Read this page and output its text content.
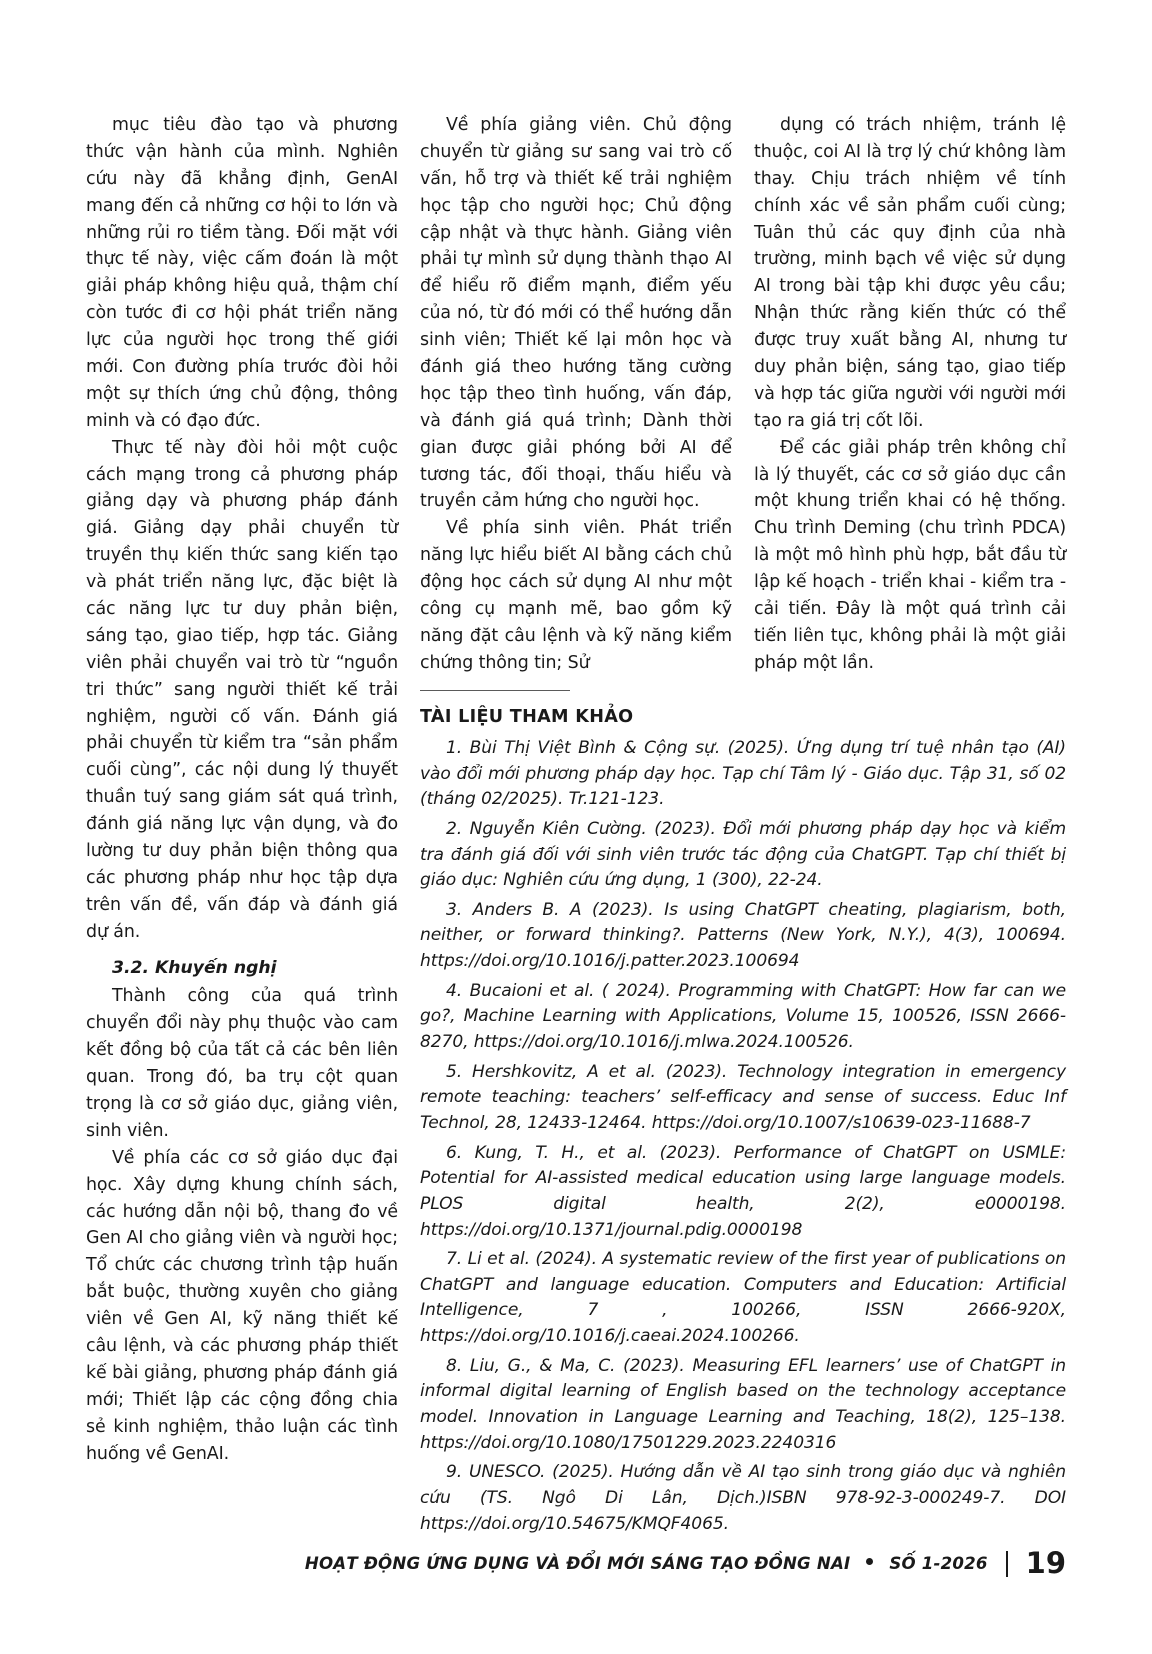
mục tiêu đào tạo và phương thức vận hành của mình. Nghiên cứu này đã khẳng định, GenAI mang đến cả những cơ hội to lớn và những rủi ro tiềm tàng. Đối mặt với thực tế này, việc cấm đoán là một giải pháp không hiệu quả, thậm chí còn tước đi cơ hội phát triển năng lực của người học trong thế giới mới. Con đường phía trước đòi hỏi một sự thích ứng chủ động, thông minh và có đạo đức.

Thực tế này đòi hỏi một cuộc cách mạng trong cả phương pháp giảng dạy và phương pháp đánh giá. Giảng dạy phải chuyển từ truyền thụ kiến thức sang kiến tạo và phát triển năng lực, đặc biệt là các năng lực tư duy phản biện, sáng tạo, giao tiếp, hợp tác. Giảng viên phải chuyển vai trò từ “nguồn tri thức” sang người thiết kế trải nghiệm, người cố vấn. Đánh giá phải chuyển từ kiểm tra “sản phẩm cuối cùng”, các nội dung lý thuyết thuần tuý sang giám sát quá trình, đánh giá năng lực vận dụng, và đo lường tư duy phản biện thông qua các phương pháp như học tập dựa trên vấn đề, vấn đáp và đánh giá dự án.

3.2. Khuyến nghị

Thành công của quá trình chuyển đổi này phụ thuộc vào cam kết đồng bộ của tất cả các bên liên quan. Trong đó, ba trụ cột quan trọng là cơ sở giáo dục, giảng viên, sinh viên.

Về phía các cơ sở giáo dục đại học. Xây dựng khung chính sách, các hướng dẫn nội bộ, thang đo về Gen AI cho giảng viên và người học; Tổ chức các chương trình tập huấn bắt buộc, thường xuyên cho giảng viên về Gen AI, kỹ năng thiết kế câu lệnh, và các phương pháp thiết kế bài giảng, phương pháp đánh giá mới; Thiết lập các cộng đồng chia sẻ kinh nghiệm, thảo luận các tình huống về GenAI.

Về phía giảng viên. Chủ động chuyển từ giảng sư sang vai trò cố vấn, hỗ trợ và thiết kế trải nghiệm học tập cho người học; Chủ động cập nhật và thực hành. Giảng viên phải tự mình sử dụng thành thạo AI để hiểu rõ điểm mạnh, điểm yếu của nó, từ đó mới có thể hướng dẫn sinh viên; Thiết kế lại môn học và đánh giá theo hướng tăng cường học tập theo tình huống, vấn đáp, và đánh giá quá trình; Dành thời gian được giải phóng bởi AI để tương tác, đối thoại, thấu hiểu và truyền cảm hứng cho người học.

Về phía sinh viên. Phát triển năng lực hiểu biết AI bằng cách chủ động học cách sử dụng AI như một công cụ mạnh mẽ, bao gồm kỹ năng đặt câu lệnh và kỹ năng kiểm chứng thông tin; Sử

dụng có trách nhiệm, tránh lệ thuộc, coi AI là trợ lý chứ không làm thay. Chịu trách nhiệm về tính chính xác về sản phẩm cuối cùng; Tuân thủ các quy định của nhà trường, minh bạch về việc sử dụng AI trong bài tập khi được yêu cầu; Nhận thức rằng kiến thức có thể được truy xuất bằng AI, nhưng tư duy phản biện, sáng tạo, giao tiếp và hợp tác giữa người với người mới tạo ra giá trị cốt lõi.

Để các giải pháp trên không chỉ là lý thuyết, các cơ sở giáo dục cần một khung triển khai có hệ thống. Chu trình Deming (chu trình PDCA) là một mô hình phù hợp, bắt đầu từ lập kế hoạch - triển khai - kiểm tra - cải tiến. Đây là một quá trình cải tiến liên tục, không phải là một giải pháp một lần.

TÀI LIỆU THAM KHẢO

1. Bùi Thị Việt Bình & Cộng sự. (2025). Ứng dụng trí tuệ nhân tạo (AI) vào đổi mới phương pháp dạy học. Tạp chí Tâm lý - Giáo dục. Tập 31, số 02 (tháng 02/2025). Tr.121-123.

2. Nguyễn Kiên Cường. (2023). Đổi mới phương pháp dạy học và kiểm tra đánh giá đối với sinh viên trước tác động của ChatGPT. Tạp chí thiết bị giáo dục: Nghiên cứu ứng dụng, 1 (300), 22-24.

3. Anders B. A (2023). Is using ChatGPT cheating, plagiarism, both, neither, or forward thinking?. Patterns (New York, N.Y.), 4(3), 100694. https://doi.org/10.1016/j.patter.2023.100694

4. Bucaioni et al. ( 2024). Programming with ChatGPT: How far can we go?, Machine Learning with Applications, Volume 15, 100526, ISSN 2666-8270, https://doi.org/10.1016/j.mlwa.2024.100526.

5. Hershkovitz, A et al. (2023). Technology integration in emergency remote teaching: teachers’ self-efficacy and sense of success. Educ Inf Technol, 28, 12433-12464. https://doi.org/10.1007/s10639-023-11688-7

6. Kung, T. H., et al. (2023). Performance of ChatGPT on USMLE: Potential for AI-assisted medical education using large language models. PLOS digital health, 2(2), e0000198. https://doi.org/10.1371/journal.pdig.0000198

7. Li et al. (2024). A systematic review of the first year of publications on ChatGPT and language education. Computers and Education: Artificial Intelligence, 7 , 100266, ISSN 2666-920X, https://doi.org/10.1016/j.caeai.2024.100266.

8. Liu, G., & Ma, C. (2023). Measuring EFL learners’ use of ChatGPT in informal digital learning of English based on the technology acceptance model. Innovation in Language Learning and Teaching, 18(2), 125–138. https://doi.org/10.1080/17501229.2023.2240316

9. UNESCO. (2025). Hướng dẫn về AI tạo sinh trong giáo dục và nghiên cứu (TS. Ngô Di Lân, Dịch.)ISBN 978-92-3-000249-7. DOI https://doi.org/10.54675/KMQF4065.

HOẠT ĐỘNG ỨNG DỤNG VÀ ĐỔI MỚI SÁNG TẠO ĐỒNG NAI SỐ 1-2026 19
